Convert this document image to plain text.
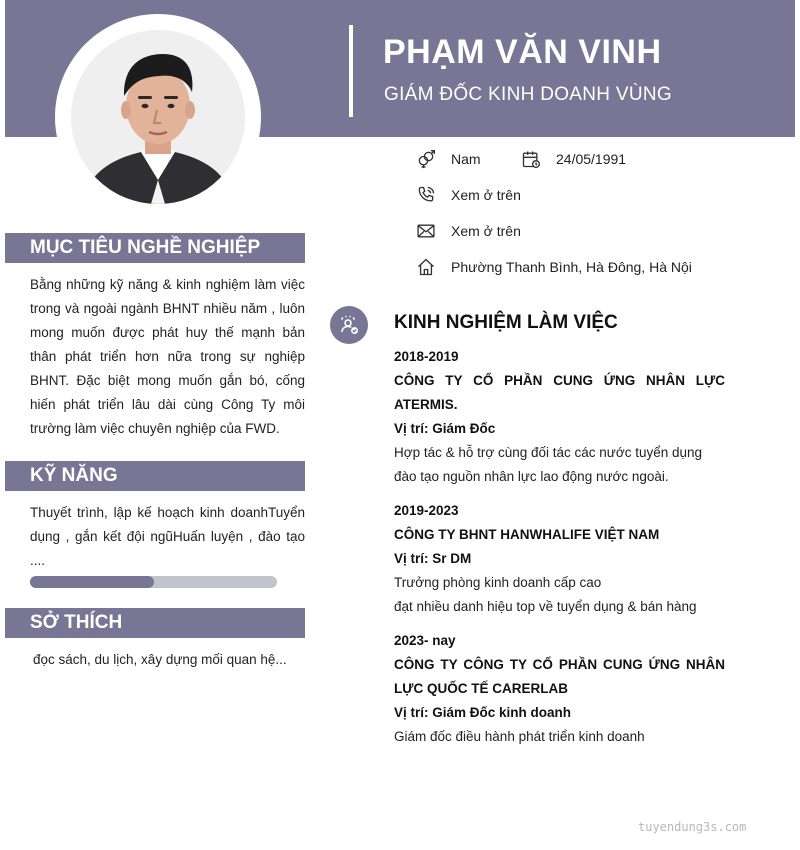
PHẠM VĂN VINH
GIÁM ĐỐC KINH DOANH VÙNG
Nam	24/05/1991
Xem ở trên
Xem ở trên
Phường Thanh Bình, Hà Đông, Hà Nội
MỤC TIÊU NGHỀ NGHIỆP
Bằng những kỹ năng & kinh nghiệm làm việc trong và ngoài ngành BHNT nhiều năm , luôn mong muốn được phát huy thế mạnh bản thân phát triển hơn nữa trong sự nghiệp BHNT. Đặc biệt mong muốn gắn bó, cống hiến phát triển lâu dài cùng Công Ty môi trường làm việc chuyên nghiệp của FWD.
KỸ NĂNG
Thuyết trình, lập kế hoạch kinh doanhTuyển dụng , gắn kết đội ngũHuấn luyện , đào tạo ....
SỞ THÍCH
đọc sách, du lịch, xây dựng mối quan hệ...
KINH NGHIỆM LÀM VIỆC
2018-2019
CÔNG TY CỔ PHẦN CUNG ỨNG NHÂN LỰC ATERMIS.
Vị trí: Giám Đốc
Hợp tác & hỗ trợ cùng đối tác các nước tuyển dụng đào tạo nguồn nhân lực lao động nước ngoài.
2019-2023
CÔNG TY BHNT HANWHALIFE VIỆT NAM
Vị trí: Sr DM
Trưởng phòng kinh doanh cấp cao
đạt nhiều danh hiệu top về tuyển dụng & bán hàng
2023- nay
CÔNG TY CÔNG TY CỔ PHẦN CUNG ỨNG NHÂN LỰC QUỐC TẾ CARERLAB
Vị trí: Giám Đốc kinh doanh
Giám đốc điều hành phát triển kinh doanh
tuyendung3s.com
